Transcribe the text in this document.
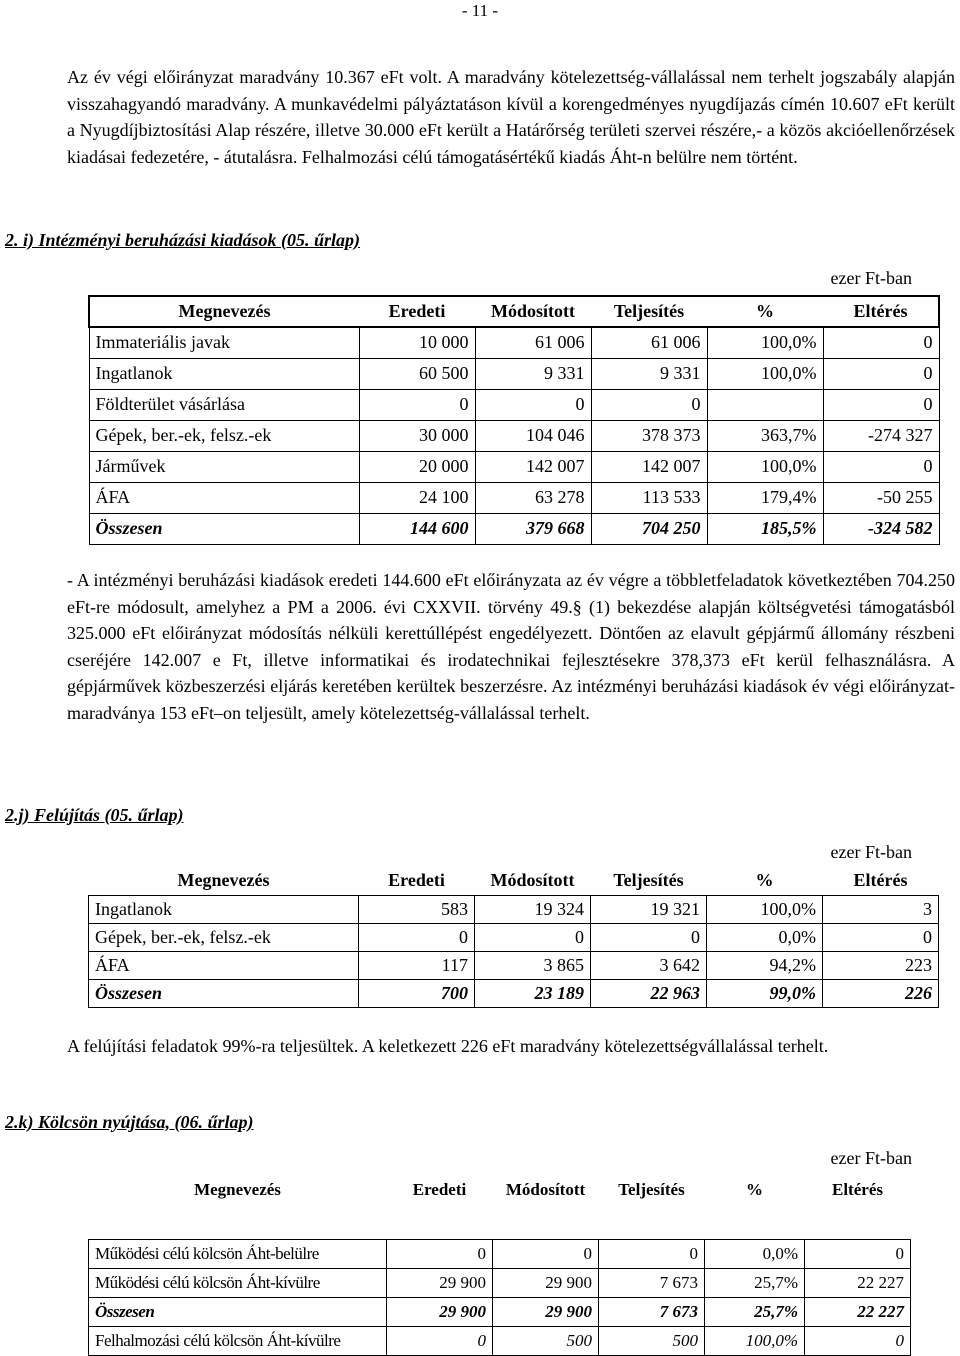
- 11 -

Az év végi előirányzat maradvány 10.367 eFt volt. A maradvány kötelezettség-vállalással nem terhelt jogszabály alapján visszahagyandó maradvány. A munkavédelmi pályáztatáson kívül a korengedményes nyugdíjazás címén 10.607 eFt került a Nyugdíjbiztosítási Alap részére, illetve 30.000 eFt került a Határőrség területi szervei részére,- a közös akcióellenőrzések kiadásai fedezetére, - átutalásra. Felhalmozási célú támogatásértékű kiadás Áht-n belülre nem történt.

2. i) Intézményi beruházási kiadások (05. űrlap)
ezer Ft-ban
Megnevezés	Eredeti	Módosított	Teljesítés	%	Eltérés
Immateriális javak	10 000	61 006	61 006	100,0%	0
Ingatlanok	60 500	9 331	9 331	100,0%	0
Földterület vásárlása	0	0	0		0
Gépek, ber.-ek, felsz.-ek	30 000	104 046	378 373	363,7%	-274 327
Járművek	20 000	142 007	142 007	100,0%	0
ÁFA	24 100	63 278	113 533	179,4%	-50 255
Összesen	144 600	379 668	704 250	185,5%	-324 582

- A intézményi beruházási kiadások eredeti 144.600 eFt előirányzata az év végre a többletfeladatok következtében 704.250 eFt-re módosult, amelyhez a PM a 2006. évi CXXVII. törvény 49.§ (1) bekezdése alapján költségvetési támogatásból 325.000 eFt előirányzat módosítás nélküli kerettúllépést engedélyezett. Döntően az elavult gépjármű állomány részbeni cseréjére 142.007 e Ft, illetve informatikai és irodatechnikai fejlesztésekre 378,373 eFt kerül felhasználásra. A gépjárművek közbeszerzési eljárás keretében kerültek beszerzésre. Az intézményi beruházási kiadások év végi előirányzat-maradványa 153 eFt–on teljesült, amely kötelezettség-vállalással terhelt.

2.j) Felújítás (05. űrlap)
ezer Ft-ban
Megnevezés	Eredeti	Módosított	Teljesítés	%	Eltérés
Ingatlanok	583	19 324	19 321	100,0%	3
Gépek, ber.-ek, felsz.-ek	0	0	0	0,0%	0
ÁFA	117	3 865	3 642	94,2%	223
Összesen	700	23 189	22 963	99,0%	226

A felújítási feladatok 99%-ra teljesültek. A keletkezett 226 eFt maradvány kötelezettségvállalással terhelt.

2.k) Kölcsön nyújtása, (06. űrlap)
ezer Ft-ban
Megnevezés	Eredeti	Módosított	Teljesítés	%	Eltérés

Működési célú kölcsön Áht-belülre	0	0	0	0,0%	0
Működési célú kölcsön Áht-kívülre	29 900	29 900	7 673	25,7%	22 227
Összesen	29 900	29 900	7 673	25,7%	22 227
Felhalmozási célú kölcsön Áht-kívülre	0	500	500	100,0%	0
